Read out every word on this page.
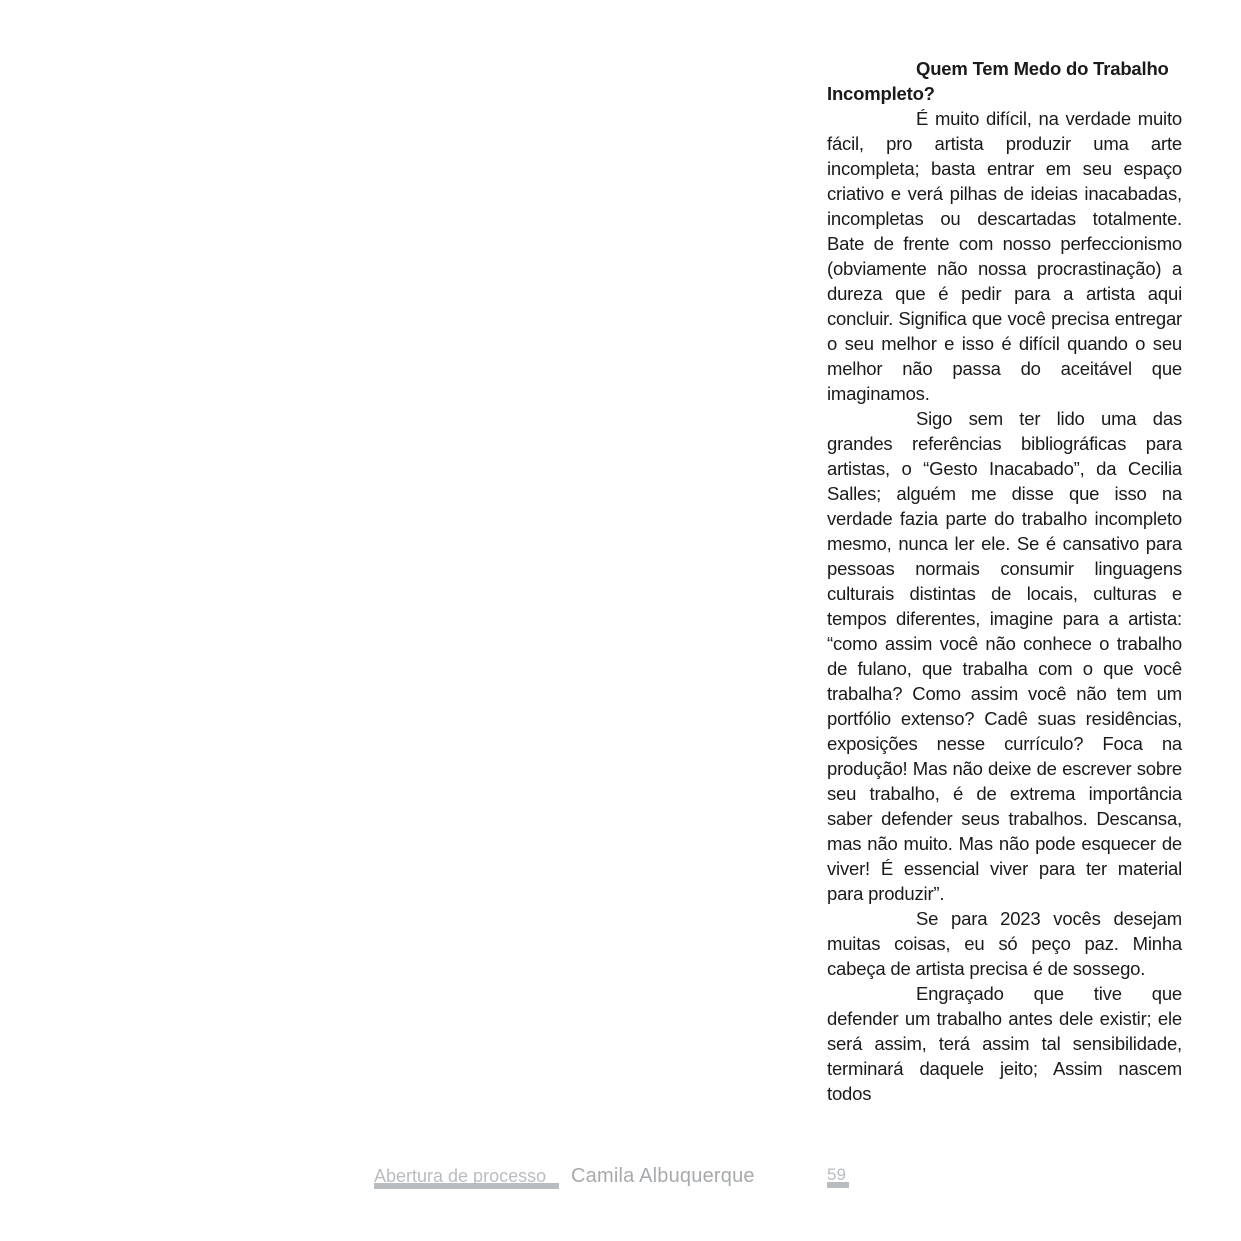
Quem Tem Medo do Trabalho Incompleto?

É muito difícil, na verdade muito fácil, pro artista produzir uma arte incompleta; basta entrar em seu espaço criativo e verá pilhas de ideias inacabadas, incompletas ou descartadas totalmente. Bate de frente com nosso perfeccionismo (obviamente não nossa procrastinação) a dureza que é pedir para a artista aqui concluir. Significa que você precisa entregar o seu melhor e isso é difícil quando o seu melhor não passa do aceitável que imaginamos.

Sigo sem ter lido uma das grandes referências bibliográficas para artistas, o “Gesto Inacabado”, da Cecilia Salles; alguém me disse que isso na verdade fazia parte do trabalho incompleto mesmo, nunca ler ele. Se é cansativo para pessoas normais consumir linguagens culturais distintas de locais, culturas e tempos diferentes, imagine para a artista: “como assim você não conhece o trabalho de fulano, que trabalha com o que você trabalha? Como assim você não tem um portfólio extenso? Cadê suas residências, exposições nesse currículo? Foca na produção! Mas não deixe de escrever sobre seu trabalho, é de extrema importância saber defender seus trabalhos. Descansa, mas não muito. Mas não pode esquecer de viver! É essencial viver para ter material para produzir”.

Se para 2023 vocês desejam muitas coisas, eu só peço paz. Minha cabeça de artista precisa é de sossego.

Engraçado que tive que defender um trabalho antes dele existir; ele será assim, terá assim tal sensibilidade, terminará daquele jeito; Assim nascem todos

Abertura de processo Camila Albuquerque	59
